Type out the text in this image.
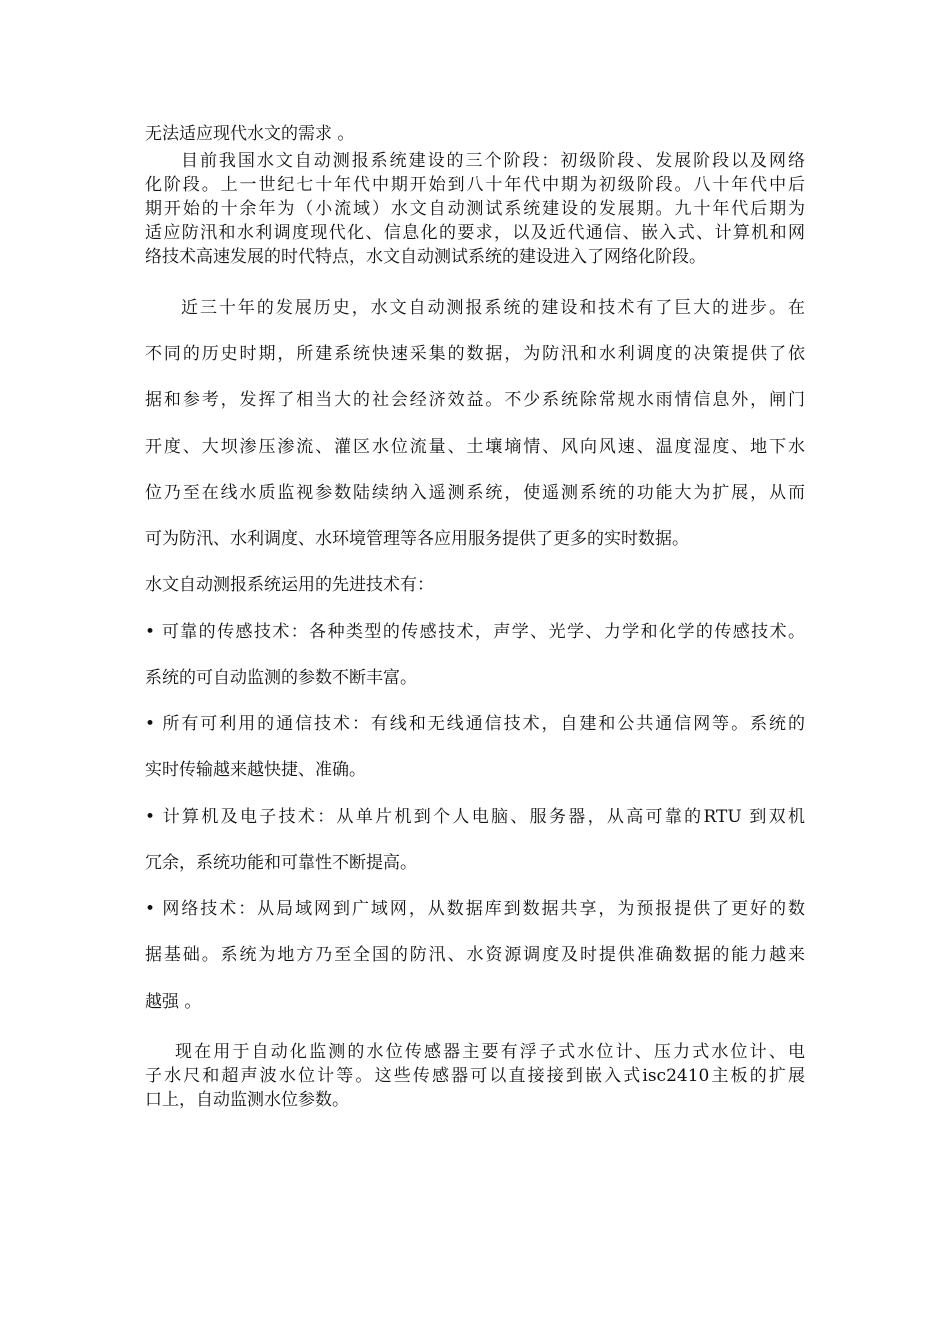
无法适应现代水文的需求 。
目前我国水文自动测报系统建设的三个阶段：初级阶段、发展阶段以及网络
化阶段。上一世纪七十年代中期开始到八十年代中期为初级阶段。八十年代中后
期开始的十余年为（小流域）水文自动测试系统建设的发展期。九十年代后期为
适应防汛和水利调度现代化、信息化的要求，以及近代通信、嵌入式、计算机和网
络技术高速发展的时代特点，水文自动测试系统的建设进入了网络化阶段。
近三十年的发展历史，水文自动测报系统的建设和技术有了巨大的进步。在
不同的历史时期，所建系统快速采集的数据，为防汛和水利调度的决策提供了依
据和参考，发挥了相当大的社会经济效益。不少系统除常规水雨情信息外，闸门
开度、大坝渗压渗流、灌区水位流量、土壤墒情、风向风速、温度湿度、地下水
位乃至在线水质监视参数陆续纳入遥测系统，使遥测系统的功能大为扩展，从而
可为防汛、水利调度、水环境管理等各应用服务提供了更多的实时数据。
水文自动测报系统运用的先进技术有：
• 可靠的传感技术：各种类型的传感技术，声学、光学、力学和化学的传感技术。
系统的可自动监测的参数不断丰富。
• 所有可利用的通信技术：有线和无线通信技术，自建和公共通信网等。系统的
实时传输越来越快捷、准确。
• 计算机及电子技术：从单片机到个人电脑、服务器，从高可靠的RTU 到双机
冗余，系统功能和可靠性不断提高。
• 网络技术：从局域网到广域网，从数据库到数据共享，为预报提供了更好的数
据基础。系统为地方乃至全国的防汛、水资源调度及时提供准确数据的能力越来
越强 。
现在用于自动化监测的水位传感器主要有浮子式水位计、压力式水位计、电
子水尺和超声波水位计等。这些传感器可以直接接到嵌入式isc2410主板的扩展
口上，自动监测水位参数。
